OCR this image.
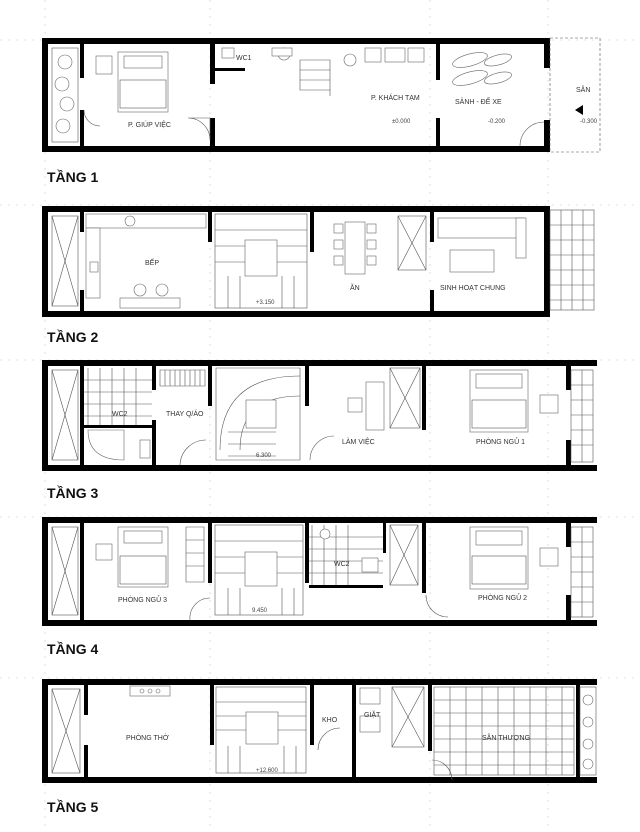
P. GIÚP VIỆC
WC1
P. KHÁCH TẠM
SẢNH - ĐỂ XE
SÂN
±0.000	-0.200	-0.300
TẦNG 1
BẾP
ĂN	SINH HOẠT CHUNG
+3.150
TẦNG 2
WC2	THAY Q/ÁO
LÀM VIỆC	PHÒNG NGỦ 1
6.300
TẦNG 3
PHÒNG NGỦ 3
WC2
PHÒNG NGỦ 2
9.450
TẦNG 4
PHÒNG THỜ
KHO
GIẶT
SÂN THƯỢNG
+12.600
TẦNG 5
